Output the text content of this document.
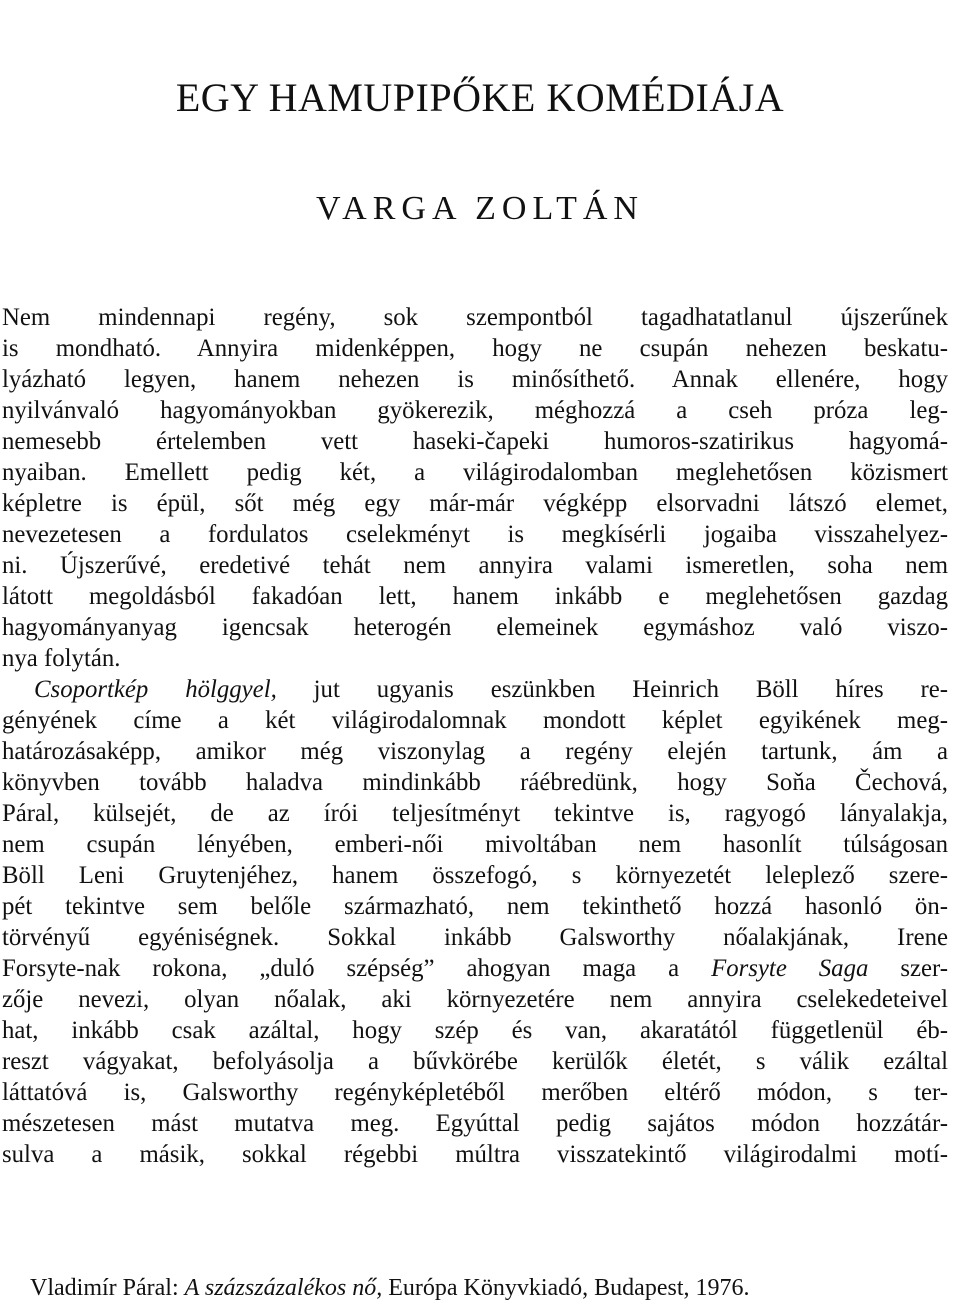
EGY HAMUPIPŐKE KOMÉDIÁJA
VARGA ZOLTÁN
Nem mindennapi regény, sok szempontból tagadhatatlanul újszerűnek
is mondható. Annyira midenképpen, hogy ne csupán nehezen beskatu-
lyázható legyen, hanem nehezen is minősíthető. Annak ellenére, hogy
nyilvánvaló hagyományokban gyökerezik, méghozzá a cseh próza leg-
nemesebb értelemben vett haseki-čapeki humoros-szatirikus hagyomá-
nyaiban. Emellett pedig két, a világirodalomban meglehetősen közismert
képletre is épül, sőt még egy már-már végképp elsorvadni látszó elemet,
nevezetesen a fordulatos cselekményt is megkísérli jogaiba visszahelyez-
ni. Újszerűvé, eredetivé tehát nem annyira valami ismeretlen, soha nem
látott megoldásból fakadóan lett, hanem inkább e meglehetősen gazdag
hagyományanyag igencsak heterogén elemeinek egymáshoz való viszo-
nya folytán.
Csoportkép hölggyel, jut ugyanis eszünkben Heinrich Böll híres re-
gényének címe a két világirodalomnak mondott képlet egyikének meg-
határozásaképp, amikor még viszonylag a regény elején tartunk, ám a
könyvben tovább haladva mindinkább ráébredünk, hogy Soňa Čechová,
Páral, külsejét, de az írói teljesítményt tekintve is, ragyogó lányalakja,
nem csupán lényében, emberi-női mivoltában nem hasonlít túlságosan
Böll Leni Gruytenjéhez, hanem összefogó, s környezetét leleplező szere-
pét tekintve sem belőle származható, nem tekinthető hozzá hasonló ön-
törvényű egyéniségnek. Sokkal inkább Galsworthy nőalakjának, Irene
Forsyte-nak rokona, „duló szépség” ahogyan maga a Forsyte Saga szer-
zője nevezi, olyan nőalak, aki környezetére nem annyira cselekedeteivel
hat, inkább csak azáltal, hogy szép és van, akaratától függetlenül éb-
reszt vágyakat, befolyásolja a bűvkörébe kerülők életét, s válik ezáltal
láttatóvá is, Galsworthy regényképletéből merőben eltérő módon, s ter-
mészetesen mást mutatva meg. Egyúttal pedig sajátos módon hozzátár-
sulva a másik, sokkal régebbi múltra visszatekintő világirodalmi motí-
Vladimír Páral: A százszázalékos nő, Európa Könyvkiadó, Budapest, 1976.
